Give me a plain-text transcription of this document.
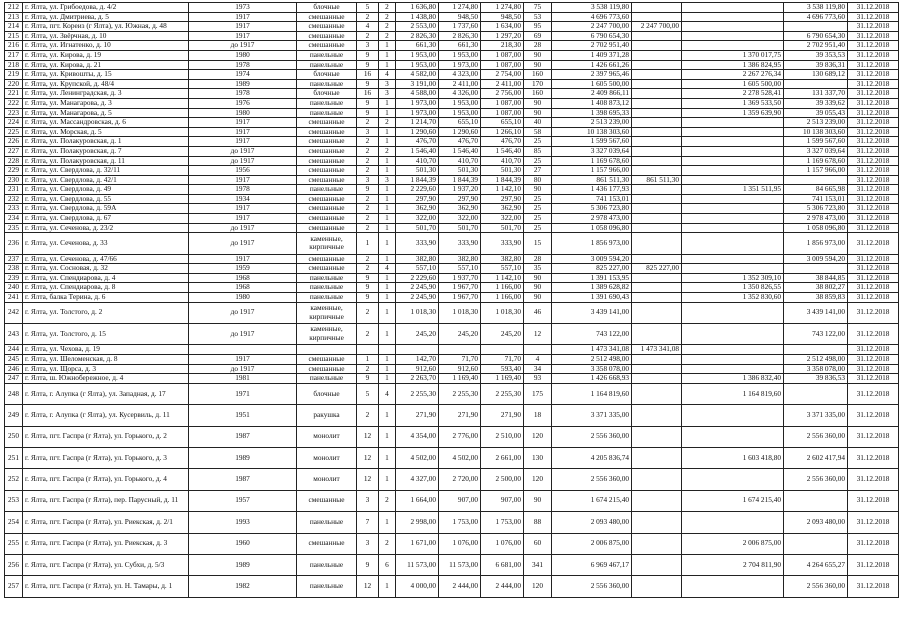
212	г. Ялта, ул. Грибоедова, д. 4/2	1973	блочные	5	2	1 636,80	1 274,80	1 274,80	75	3 538 119,80			3 538 119,80	31.12.2018
213	г. Ялта, ул. Дмитриева, д. 5	1917	смешанные	2	2	1 438,80	948,50	948,50	53	4 696 773,60			4 696 773,60	31.12.2018
214	г. Ялта, пгт. Кореиз (г Ялта), ул. Южная, д. 48	1917	смешанные	4	2	2 553,00	1 737,60	1 634,00	95	2 247 700,00	2 247 700,00			31.12.2018
215	г. Ялта, ул. Звёрчная, д. 10	1917	смешанные	2	2	2 826,30	2 826,30	1 297,20	69	6 790 654,30			6 790 654,30	31.12.2018
216	г. Ялта, ул. Игнатенко, д. 10	до 1917	смешанные	3	1	661,30	661,30	218,30	28	2 702 951,40			2 702 951,40	31.12.2018
217	г. Ялта, ул. Кирова, д. 19	1980	панельные	9	1	1 953,00	1 953,00	1 087,00	90	1 409 371,28		1 370 017,75	39 353,53	31.12.2018
218	г. Ялта, ул. Кирова, д. 21	1978	панельные	9	1	1 953,00	1 973,00	1 087,00	90	1 426 661,26		1 386 824,95	39 836,31	31.12.2018
219	г. Ялта, ул. Кривошты, д. 15	1974	блочные	16	4	4 582,00	4 323,00	2 754,00	160	2 397 965,46		2 267 276,34	130 689,12	31.12.2018
220	г. Ялта, ул. Крупской, д. 48/4	1989	панельные	9	3	3 191,00	2 411,00	2 411,00	170	1 605 500,00		1 605 500,00		31.12.2018
221	г. Ялта, ул. Ленинградская, д. 3	1978	блочные	16	3	4 588,00	4 326,00	2 756,00	160	2 409 866,11		2 278 528,41	131 337,70	31.12.2018
222	г. Ялта, ул. Манагарова, д. 3	1976	панельные	9	1	1 973,00	1 953,00	1 087,00	90	1 408 873,12		1 369 533,50	39 339,62	31.12.2018
223	г. Ялта, ул. Манагарова, д. 5	1980	панельные	9	1	1 973,00	1 953,00	1 087,00	90	1 398 695,33		1 359 639,90	39 055,43	31.12.2018
224	г. Ялта, ул. Массандровская, д. 6	1917	смешанные	2	2	1 214,70	655,10	655,10	40	2 513 239,00			2 513 239,00	31.12.2018
225	г. Ялта, ул. Морская, д. 5	1917	смешанные	3	1	1 290,60	1 290,60	1 266,10	58	10 138 303,60			10 138 303,60	31.12.2018
226	г. Ялта, ул. Полакуровская, д. 1	1917	смешанные	2	1	476,70	476,70	476,70	25	1 599 567,60			1 599 567,60	31.12.2018
227	г. Ялта, ул. Полакуровская, д. 7	до 1917	смешанные	2	2	1 546,40	1 546,40	1 546,40	85	3 327 039,64			3 327 039,64	31.12.2018
228	г. Ялта, ул. Полакуровская, д. 11	до 1917	смешанные	2	1	410,70	410,70	410,70	25	1 169 678,60			1 169 678,60	31.12.2018
229	г. Ялта, ул. Свердлова, д. 32/11	1956	смешанные	2	1	501,30	501,30	501,30	27	1 157 966,00			1 157 966,00	31.12.2018
230	г. Ялта, ул. Свердлова, д. 42/1	1917	смешанные	3	3	1 844,39	1 844,39	1 844,39	80	861 511,30	861 511,30			31.12.2018
231	г. Ялта, ул. Свердлова, д. 49	1978	панельные	9	1	2 229,60	1 937,20	1 142,10	90	1 436 177,93		1 351 511,95	84 665,98	31.12.2018
232	г. Ялта, ул. Свердлова, д. 55	1934	смешанные	2	1	297,90	297,90	297,90	25	741 153,01			741 153,01	31.12.2018
233	г. Ялта, ул. Свердлова, д. 59А	1917	смешанные	2	1	362,90	362,90	362,90	25	5 306 723,80			5 306 723,80	31.12.2018
234	г. Ялта, ул. Свердлова, д. 67	1917	смешанные	2	1	322,00	322,00	322,00	25	2 978 473,00			2 978 473,00	31.12.2018
235	г. Ялта, ул. Сеченова, д. 23/2	до 1917	смешанные	2	1	501,70	501,70	501,70	25	1 058 096,80			1 058 096,80	31.12.2018
236	г. Ялта, ул. Сеченова, д. 33	до 1917	каменные, кирпичные	1	1	333,90	333,90	333,90	15	1 856 973,00			1 856 973,00	31.12.2018
237	г. Ялта, ул. Сеченова, д. 47/66	1917	смешанные	2	1	382,80	382,80	382,80	28	3 009 594,20			3 009 594,20	31.12.2018
238	г. Ялта, ул. Сосновая, д. 32	1959	смешанные	2	4	557,10	557,10	557,10	35	825 227,00	825 227,00			31.12.2018
239	г. Ялта, ул. Спендиарова, д. 4	1968	панельные	9	1	2 229,60	1 937,70	1 142,10	90	1 391 153,95		1 352 309,10	38 844,85	31.12.2018
240	г. Ялта, ул. Спендиарова, д. 8	1968	панельные	9	1	2 245,90	1 967,70	1 166,00	90	1 389 628,82		1 350 826,55	38 802,27	31.12.2018
241	г. Ялта, балка Терина, д. 6	1980	панельные	9	1	2 245,90	1 967,70	1 166,00	90	1 391 690,43		1 352 830,60	38 859,83	31.12.2018
242	г. Ялта, ул. Толстого, д. 2	до 1917	каменные, кирпичные	2	1	1 018,30	1 018,30	1 018,30	46	3 439 141,00			3 439 141,00	31.12.2018
243	г. Ялта, ул. Толстого, д. 15	до 1917	каменные, кирпичные	2	1	245,20	245,20	245,20	12	743 122,00			743 122,00	31.12.2018
244	г. Ялта, ул. Чехова, д. 19									1 473 341,08	1 473 341,08			31.12.2018
245	г. Ялта, ул. Шеломенская, д. 8	1917	смешанные	1	1	142,70	71,70	71,70	4	2 512 498,00			2 512 498,00	31.12.2018
246	г. Ялта, ул. Щорса, д. 3	до 1917	смешанные	2	1	912,60	912,60	593,40	34	3 358 078,00			3 358 078,00	31.12.2018
247	г. Ялта, ш. Южнобережное, д. 4	1981	панельные	9	1	2 263,70	1 169,40	1 169,40	93	1 426 668,93		1 386 832,40	39 836,53	31.12.2018
248	г. Ялта, г. Алупка (г Ялта), ул. Западная, д. 17	1971	блочные	5	4	2 255,30	2 255,30	2 255,30	175	1 164 819,60		1 164 819,60		31.12.2018
249	г. Ялта, г. Алупка (г Ялта), ул. Кусервиль, д. 11	1951	ракушка	2	1	271,90	271,90	271,90	18	3 371 335,00			3 371 335,00	31.12.2018
250	г. Ялта, пгт. Гаспра (г Ялта), ул. Горького, д. 2	1987	монолит	12	1	4 354,00	2 776,00	2 510,00	120	2 556 360,00			2 556 360,00	31.12.2018
251	г. Ялта, пгт. Гаспра (г Ялта), ул. Горького, д. 3	1989	монолит	12	1	4 502,00	4 502,00	2 661,00	130	4 205 836,74		1 603 418,80	2 602 417,94	31.12.2018
252	г. Ялта, пгт. Гаспра (г Ялта), ул. Горького, д. 4	1987	монолит	12	1	4 327,00	2 720,00	2 500,00	120	2 556 360,00			2 556 360,00	31.12.2018
253	г. Ялта, пгт. Гаспра (г Ялта), пер. Парусный, д. 11	1957	смешанные	3	2	1 664,00	907,00	907,00	90	1 674 215,40		1 674 215,40		31.12.2018
254	г. Ялта, пгт. Гаспра (г Ялта), ул. Риекская, д. 2/1	1993	панельные	7	1	2 998,00	1 753,00	1 753,00	88	2 093 480,00			2 093 480,00	31.12.2018
255	г. Ялта, пгт. Гаспра (г Ялта), ул. Риекская, д. 3	1960	смешанные	3	2	1 671,00	1 076,00	1 076,00	60	2 006 875,00		2 006 875,00		31.12.2018
256	г. Ялта, пгт. Гаспра (г Ялта), ул. Субхи, д. 5/3	1989	панельные	9	6	11 573,00	11 573,00	6 681,00	341	6 969 467,17		2 704 811,90	4 264 655,27	31.12.2018
257	г. Ялта, пгт. Гаспра (г Ялта), ул. Н. Тамары, д. 1	1982	панельные	12	1	4 000,00	2 444,00	2 444,00	120	2 556 360,00			2 556 360,00	31.12.2018
